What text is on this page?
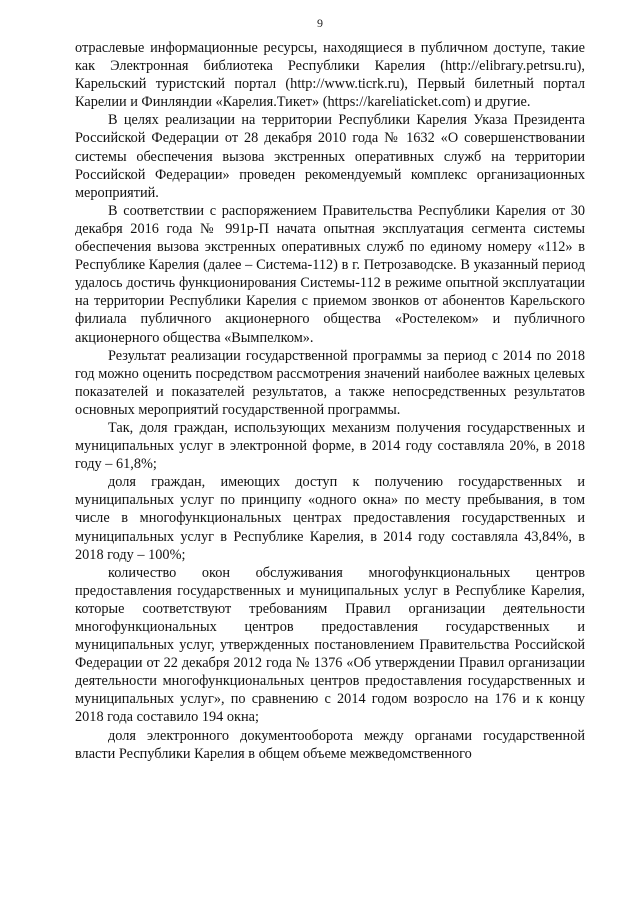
9

отраслевые информационные ресурсы, находящиеся в публичном доступе, такие как Электронная библиотека Республики Карелия (http://elibrary.petrsu.ru), Карельский туристский портал (http://www.ticrk.ru), Первый билетный портал Карелии и Финляндии «Карелия.Тикет» (https://kareliaticket.com) и другие.

В целях реализации на территории Республики Карелия Указа Президента Российской Федерации от 28 декабря 2010 года № 1632 «О совершенствовании системы обеспечения вызова экстренных оперативных служб на территории Российской Федерации» проведен рекомендуемый комплекс организационных мероприятий.

В соответствии с распоряжением Правительства Республики Карелия от 30 декабря 2016 года № 991р-П начата опытная эксплуатация сегмента системы обеспечения вызова экстренных оперативных служб по единому номеру «112» в Республике Карелия (далее – Система-112) в г. Петрозаводске. В указанный период удалось достичь функционирования Системы-112 в режиме опытной эксплуатации на территории Республики Карелия с приемом звонков от абонентов Карельского филиала публичного акционерного общества «Ростелеком» и публичного акционерного общества «Вымпелком».

Результат реализации государственной программы за период с 2014 по 2018 год можно оценить посредством рассмотрения значений наиболее важных целевых показателей и показателей результатов, а также непосредственных результатов основных мероприятий государственной программы.

Так, доля граждан, использующих механизм получения государственных и муниципальных услуг в электронной форме, в 2014 году составляла 20%, в 2018 году – 61,8%;

доля граждан, имеющих доступ к получению государственных и муниципальных услуг по принципу «одного окна» по месту пребывания, в том числе в многофункциональных центрах предоставления государственных и муниципальных услуг в Республике Карелия, в 2014 году составляла 43,84%, в 2018 году – 100%;

количество окон обслуживания многофункциональных центров предоставления государственных и муниципальных услуг в Республике Карелия, которые соответствуют требованиям Правил организации деятельности многофункциональных центров предоставления государственных и муниципальных услуг, утвержденных постановлением Правительства Российской Федерации от 22 декабря 2012 года № 1376 «Об утверждении Правил организации деятельности многофункциональных центров предоставления государственных и муниципальных услуг», по сравнению с 2014 годом возросло на 176 и к концу 2018 года составило 194 окна;

доля электронного документооборота между органами государственной власти Республики Карелия в общем объеме межведомственного
